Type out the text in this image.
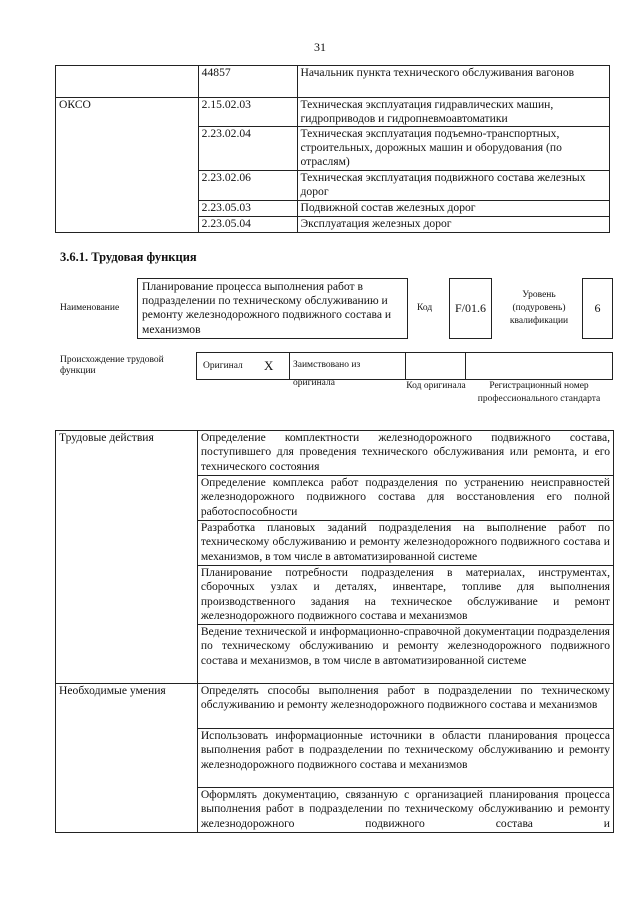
31
	44857	Начальник пункта технического обслуживания вагонов
ОКСО	2.15.02.03	Техническая эксплуатация гидравлических машин, гидроприводов и гидропневмоавтоматики
	2.23.02.04	Техническая эксплуатация подъемно-транспортных, строительных, дорожных машин и оборудования (по отраслям)
	2.23.02.06	Техническая эксплуатация подвижного состава железных дорог
	2.23.05.03	Подвижной состав железных дорог
	2.23.05.04	Эксплуатация железных дорог
3.6.1. Трудовая функция
Наименование
Планирование процесса выполнения работ в подразделении по техническому обслуживанию и ремонту железнодорожного подвижного состава и механизмов
Код	F/01.6
Уровень (подуровень) квалификации
6
Происхождение трудовой функции	Оригинал X	Заимствовано из оригинала	Код оригинала	Регистрационный номер профессионального стандарта
Трудовые действия	Определение комплектности железнодорожного подвижного состава, поступившего для проведения технического обслуживания или ремонта, и его технического состояния
	Определение комплекса работ подразделения по устранению неисправностей железнодорожного подвижного состава для восстановления его полной работоспособности
	Разработка плановых заданий подразделения на выполнение работ по техническому обслуживанию и ремонту железнодорожного подвижного состава и механизмов, в том числе в автоматизированной системе
	Планирование потребности подразделения в материалах, инструментах, сборочных узлах и деталях, инвентаре, топливе для выполнения производственного задания на техническое обслуживание и ремонт железнодорожного подвижного состава и механизмов
	Ведение технической и информационно-справочной документации подразделения по техническому обслуживанию и ремонту железнодорожного подвижного состава и механизмов, в том числе в автоматизированной системе
Необходимые умения	Определять способы выполнения работ в подразделении по техническому обслуживанию и ремонту железнодорожного подвижного состава и механизмов
	Использовать информационные источники в области планирования процесса выполнения работ в подразделении по техническому обслуживанию и ремонту железнодорожного подвижного состава и механизмов
	Оформлять документацию, связанную с организацией планирования процесса выполнения работ в подразделении по техническому обслуживанию и ремонту железнодорожного подвижного состава и
